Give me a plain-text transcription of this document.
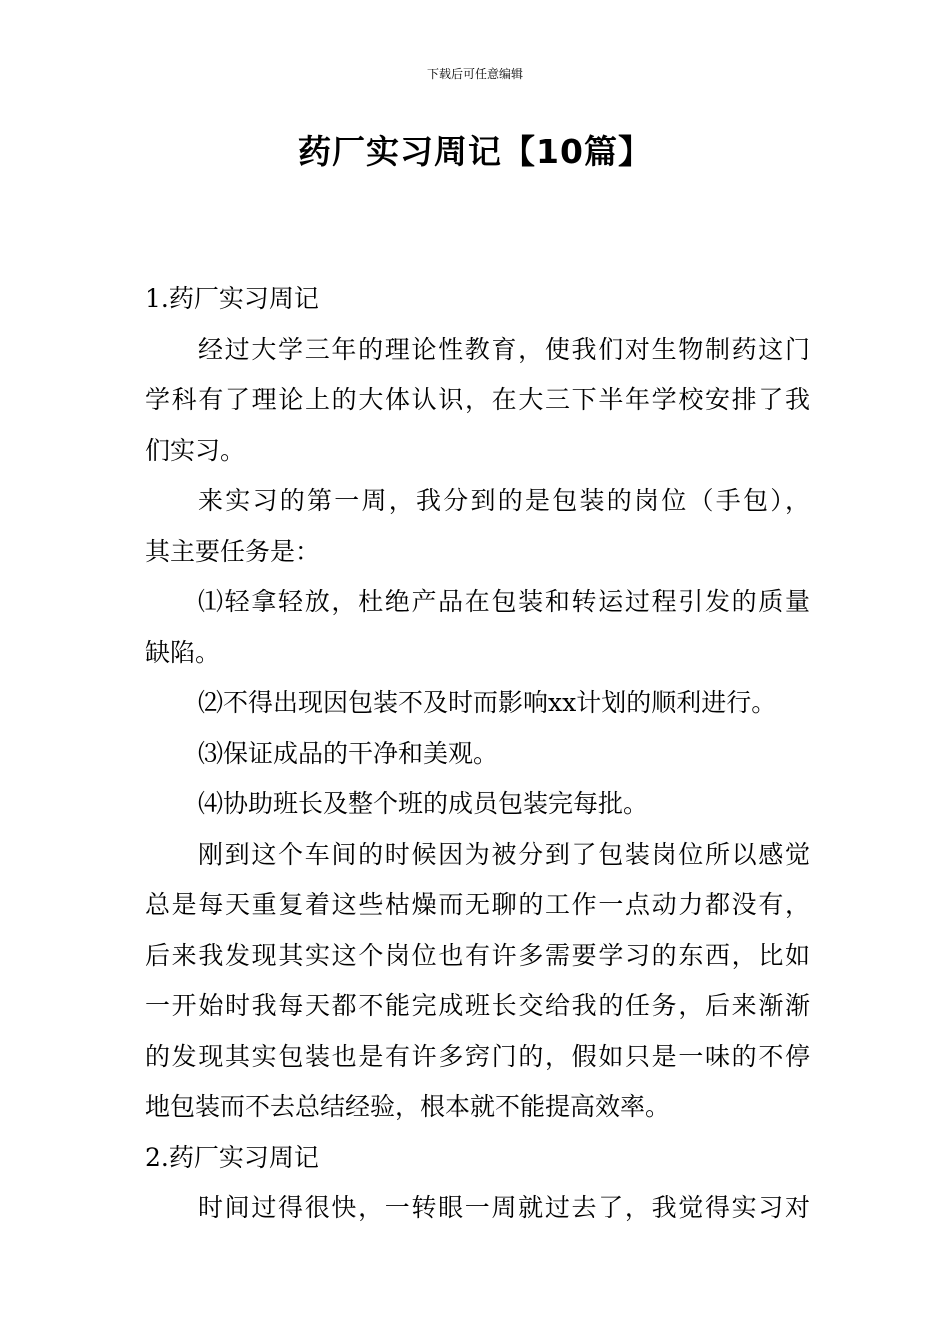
下载后可任意编辑
药厂实习周记【10篇】
1.药厂实习周记
经过大学三年的理论性教育，使我们对生物制药这门
学科有了理论上的大体认识，在大三下半年学校安排了我
们实习。
来实习的第一周，我分到的是包装的岗位（手包），
其主要任务是：
⑴轻拿轻放，杜绝产品在包装和转运过程引发的质量
缺陷。
⑵不得出现因包装不及时而影响xx计划的顺利进行。
⑶保证成品的干净和美观。
⑷协助班长及整个班的成员包装完每批。
刚到这个车间的时候因为被分到了包装岗位所以感觉
总是每天重复着这些枯燥而无聊的工作一点动力都没有，
后来我发现其实这个岗位也有许多需要学习的东西，比如
一开始时我每天都不能完成班长交给我的任务，后来渐渐
的发现其实包装也是有许多窍门的，假如只是一味的不停
地包装而不去总结经验，根本就不能提高效率。
2.药厂实习周记
时间过得很快，一转眼一周就过去了，我觉得实习对
